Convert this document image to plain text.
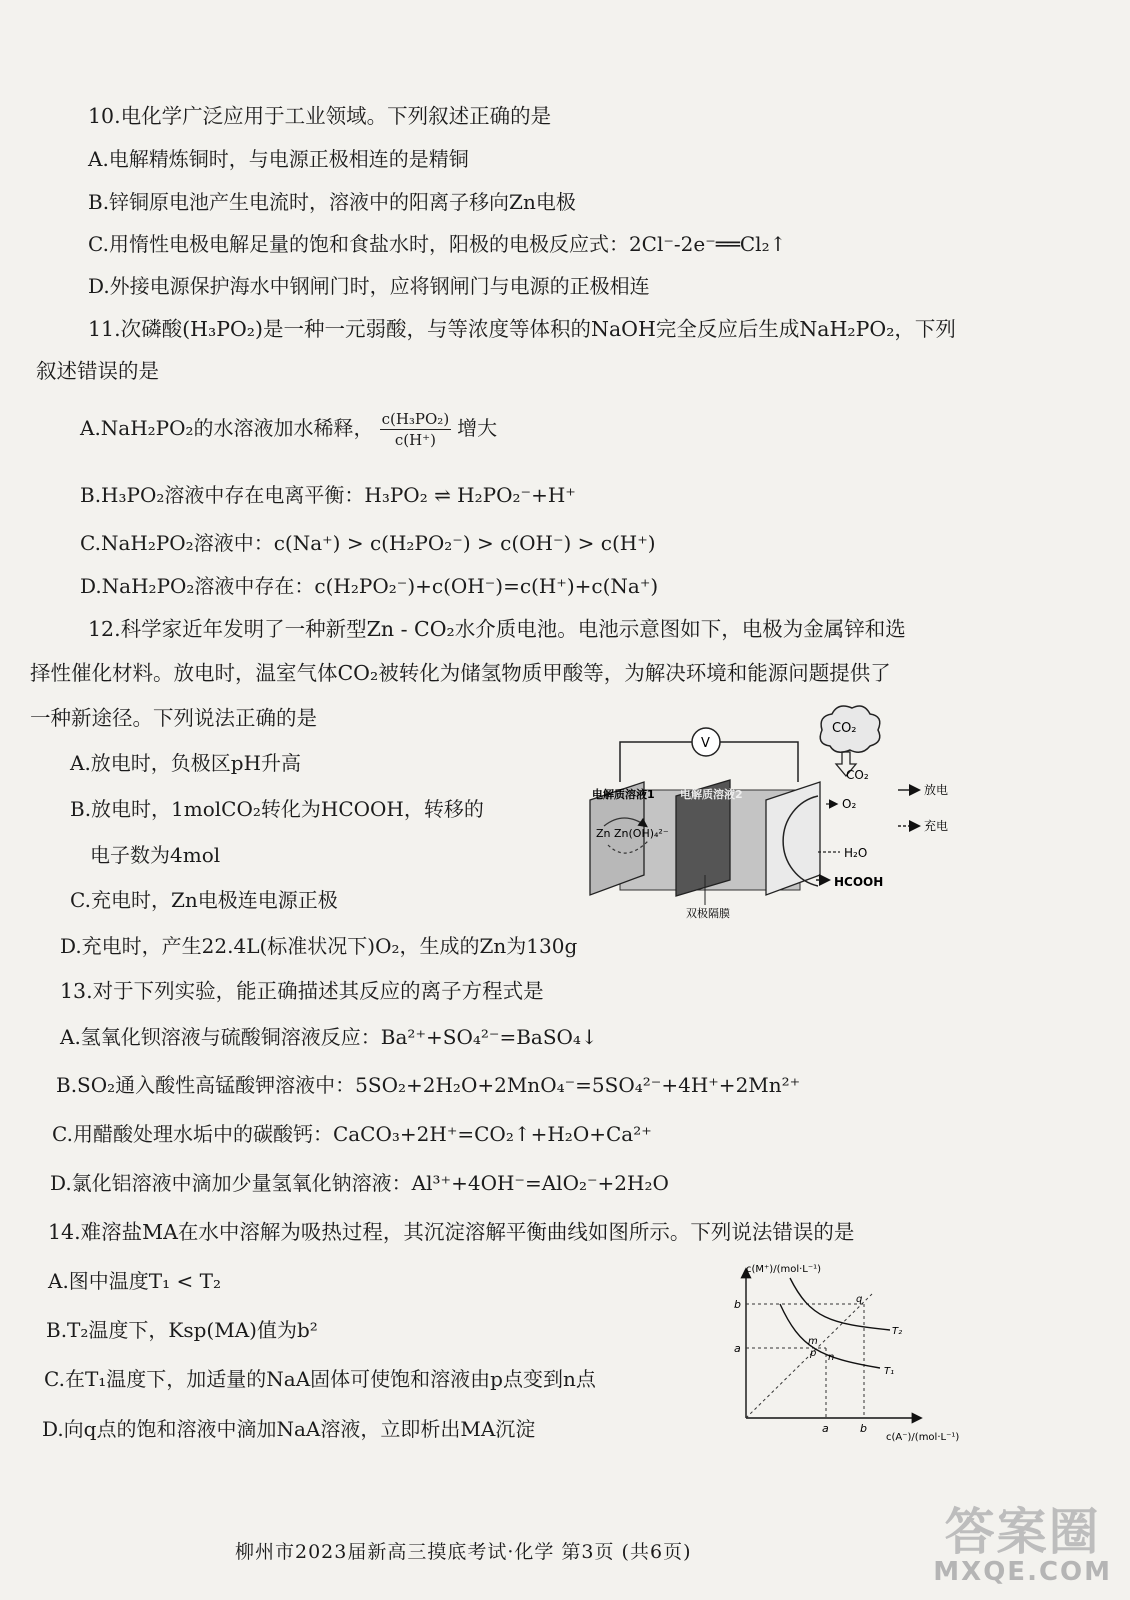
10.电化学广泛应用于工业领域。下列叙述正确的是
A.电解精炼铜时，与电源正极相连的是精铜
B.锌铜原电池产生电流时，溶液中的阳离子移向Zn电极
C.用惰性电极电解足量的饱和食盐水时，阳极的电极反应式：2Cl⁻-2e⁻══Cl₂↑
D.外接电源保护海水中钢闸门时，应将钢闸门与电源的正极相连
11.次磷酸(H₃PO₂)是一种一元弱酸，与等浓度等体积的NaOH完全反应后生成NaH₂PO₂，下列
叙述错误的是
A.NaH₂PO₂的水溶液加水稀释， $\frac{\text{c(H₃PO₂)}}{c(H^+)}$ 增大
B.H₃PO₂溶液中存在电离平衡：H₃PO₂ ⇌ H₂PO₂⁻+H⁺
C.NaH₂PO₂溶液中：c(Na⁺) > c(H₂PO₂⁻) > c(OH⁻) > c(H⁺)
D.NaH₂PO₂溶液中存在：c(H₂PO₂⁻)+c(OH⁻)=c(H⁺)+c(Na⁺)
12.科学家近年发明了一种新型Zn - CO₂水介质电池。电池示意图如下，电极为金属锌和选
择性催化材料。放电时，温室气体CO₂被转化为储氢物质甲酸等，为解决环境和能源问题提供了
一种新途径。下列说法正确的是
A.放电时，负极区pH升高
B.放电时，1molCO₂转化为HCOOH，转移的
电子数为4mol
C.充电时，Zn电极连电源正极
D.充电时，产生22.4L(标准状况下)O₂，生成的Zn为130g
CO₂
V
电解质溶液1 电解质溶液2
Zn Zn(OH)₄²⁻
双极隔膜
CO₂
O₂
H₂O
HCOOH
放电
充电
13.对于下列实验，能正确描述其反应的离子方程式是
A.氢氧化钡溶液与硫酸铜溶液反应：Ba²⁺+SO₄²⁻=BaSO₄↓
B.SO₂通入酸性高锰酸钾溶液中：5SO₂+2H₂O+2MnO₄⁻=5SO₄²⁻+4H⁺+2Mn²⁺
C.用醋酸处理水垢中的碳酸钙：CaCO₃+2H⁺=CO₂↑+H₂O+Ca²⁺
D.氯化铝溶液中滴加少量氢氧化钠溶液：Al³⁺+4OH⁻=AlO₂⁻+2H₂O
14.难溶盐MA在水中溶解为吸热过程，其沉淀溶解平衡曲线如图所示。下列说法错误的是
A.图中温度T₁ < T₂
B.T₂温度下，Ksp(MA)值为b²
C.在T₁温度下，加适量的NaA固体可使饱和溶液由p点变到n点
D.向q点的饱和溶液中滴加NaA溶液，立即析出MA沉淀
c(M⁺)/(mol·L⁻¹)
c(A⁻)/(mol·L⁻¹)
b
a
a	b
q
p
m
n
T₂
T₁
柳州市2023届新高三摸底考试·化学 第3页 (共6页)	答案圈
MXQE.COM
